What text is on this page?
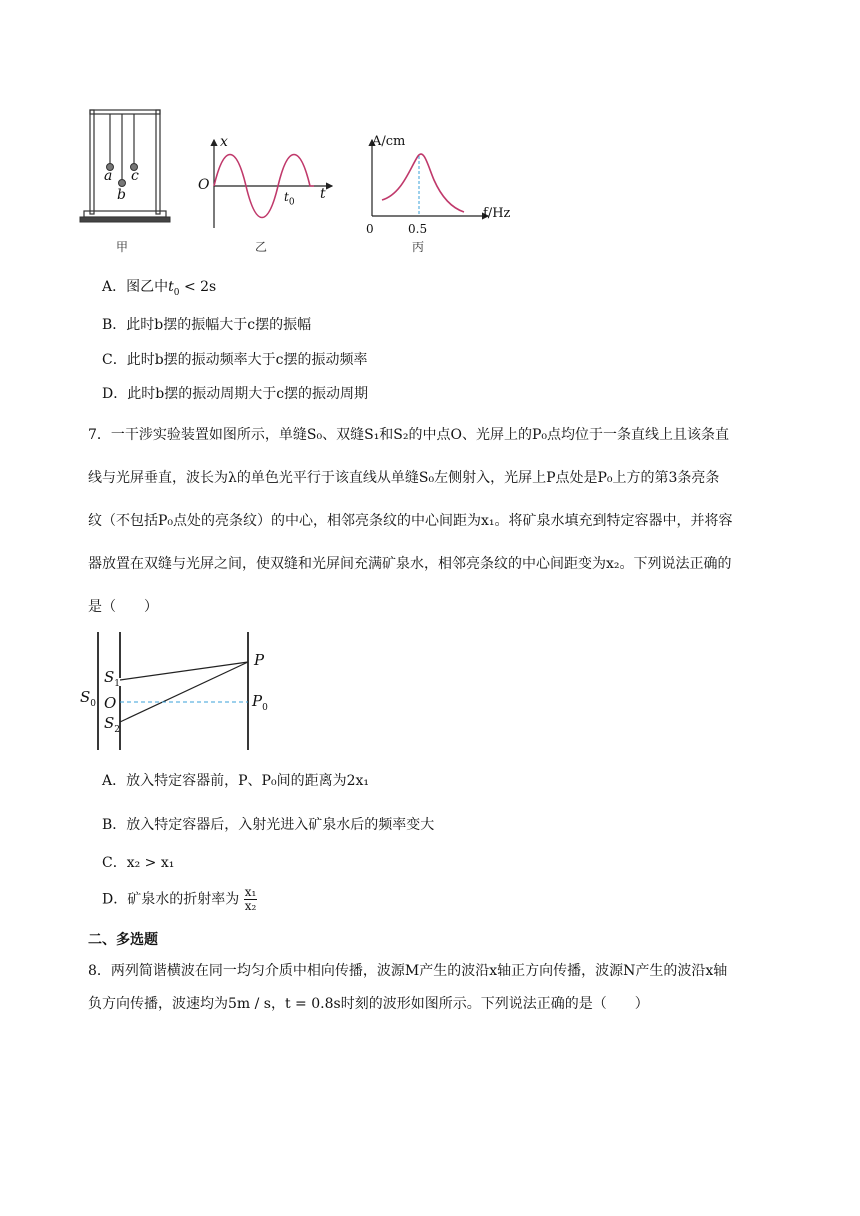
a
b
c
甲
x
O
t
$t_0$
乙
A/cm
f/Hz
0	0.5
丙
A．图乙中$t_0 < 2s$
B．此时b摆的振幅大于c摆的振幅
C．此时b摆的振动频率大于c摆的振动频率
D．此时b摆的振动周期大于c摆的振动周期
7．一干涉实验装置如图所示，单缝S₀、双缝S₁和S₂的中点O、光屏上的P₀点均位于一条直线上且该条直
线与光屏垂直，波长为λ的单色光平行于该直线从单缝S₀左侧射入，光屏上P点处是P₀上方的第3条亮条
纹（不包括P₀点处的亮条纹）的中心，相邻亮条纹的中心间距为x₁。将矿泉水填充到特定容器中，并将容
器放置在双缝与光屏之间，使双缝和光屏间充满矿泉水，相邻亮条纹的中心间距变为x₂。下列说法正确的
是（　　）
$S_0$
$S_1$
O
$S_2$
P
$P_0$
A．放入特定容器前，P、P₀间的距离为2x₁
B．放入特定容器后，入射光进入矿泉水后的频率变大
C．x₂ > x₁
D．矿泉水的折射率为 $\frac{\text{x₁}}{\text{x₂}}$
二、多选题
8．两列简谐横波在同一均匀介质中相向传播，波源M产生的波沿x轴正方向传播，波源N产生的波沿x轴
负方向传播，波速均为5m / s，t = 0.8s时刻的波形如图所示。下列说法正确的是（　　）
